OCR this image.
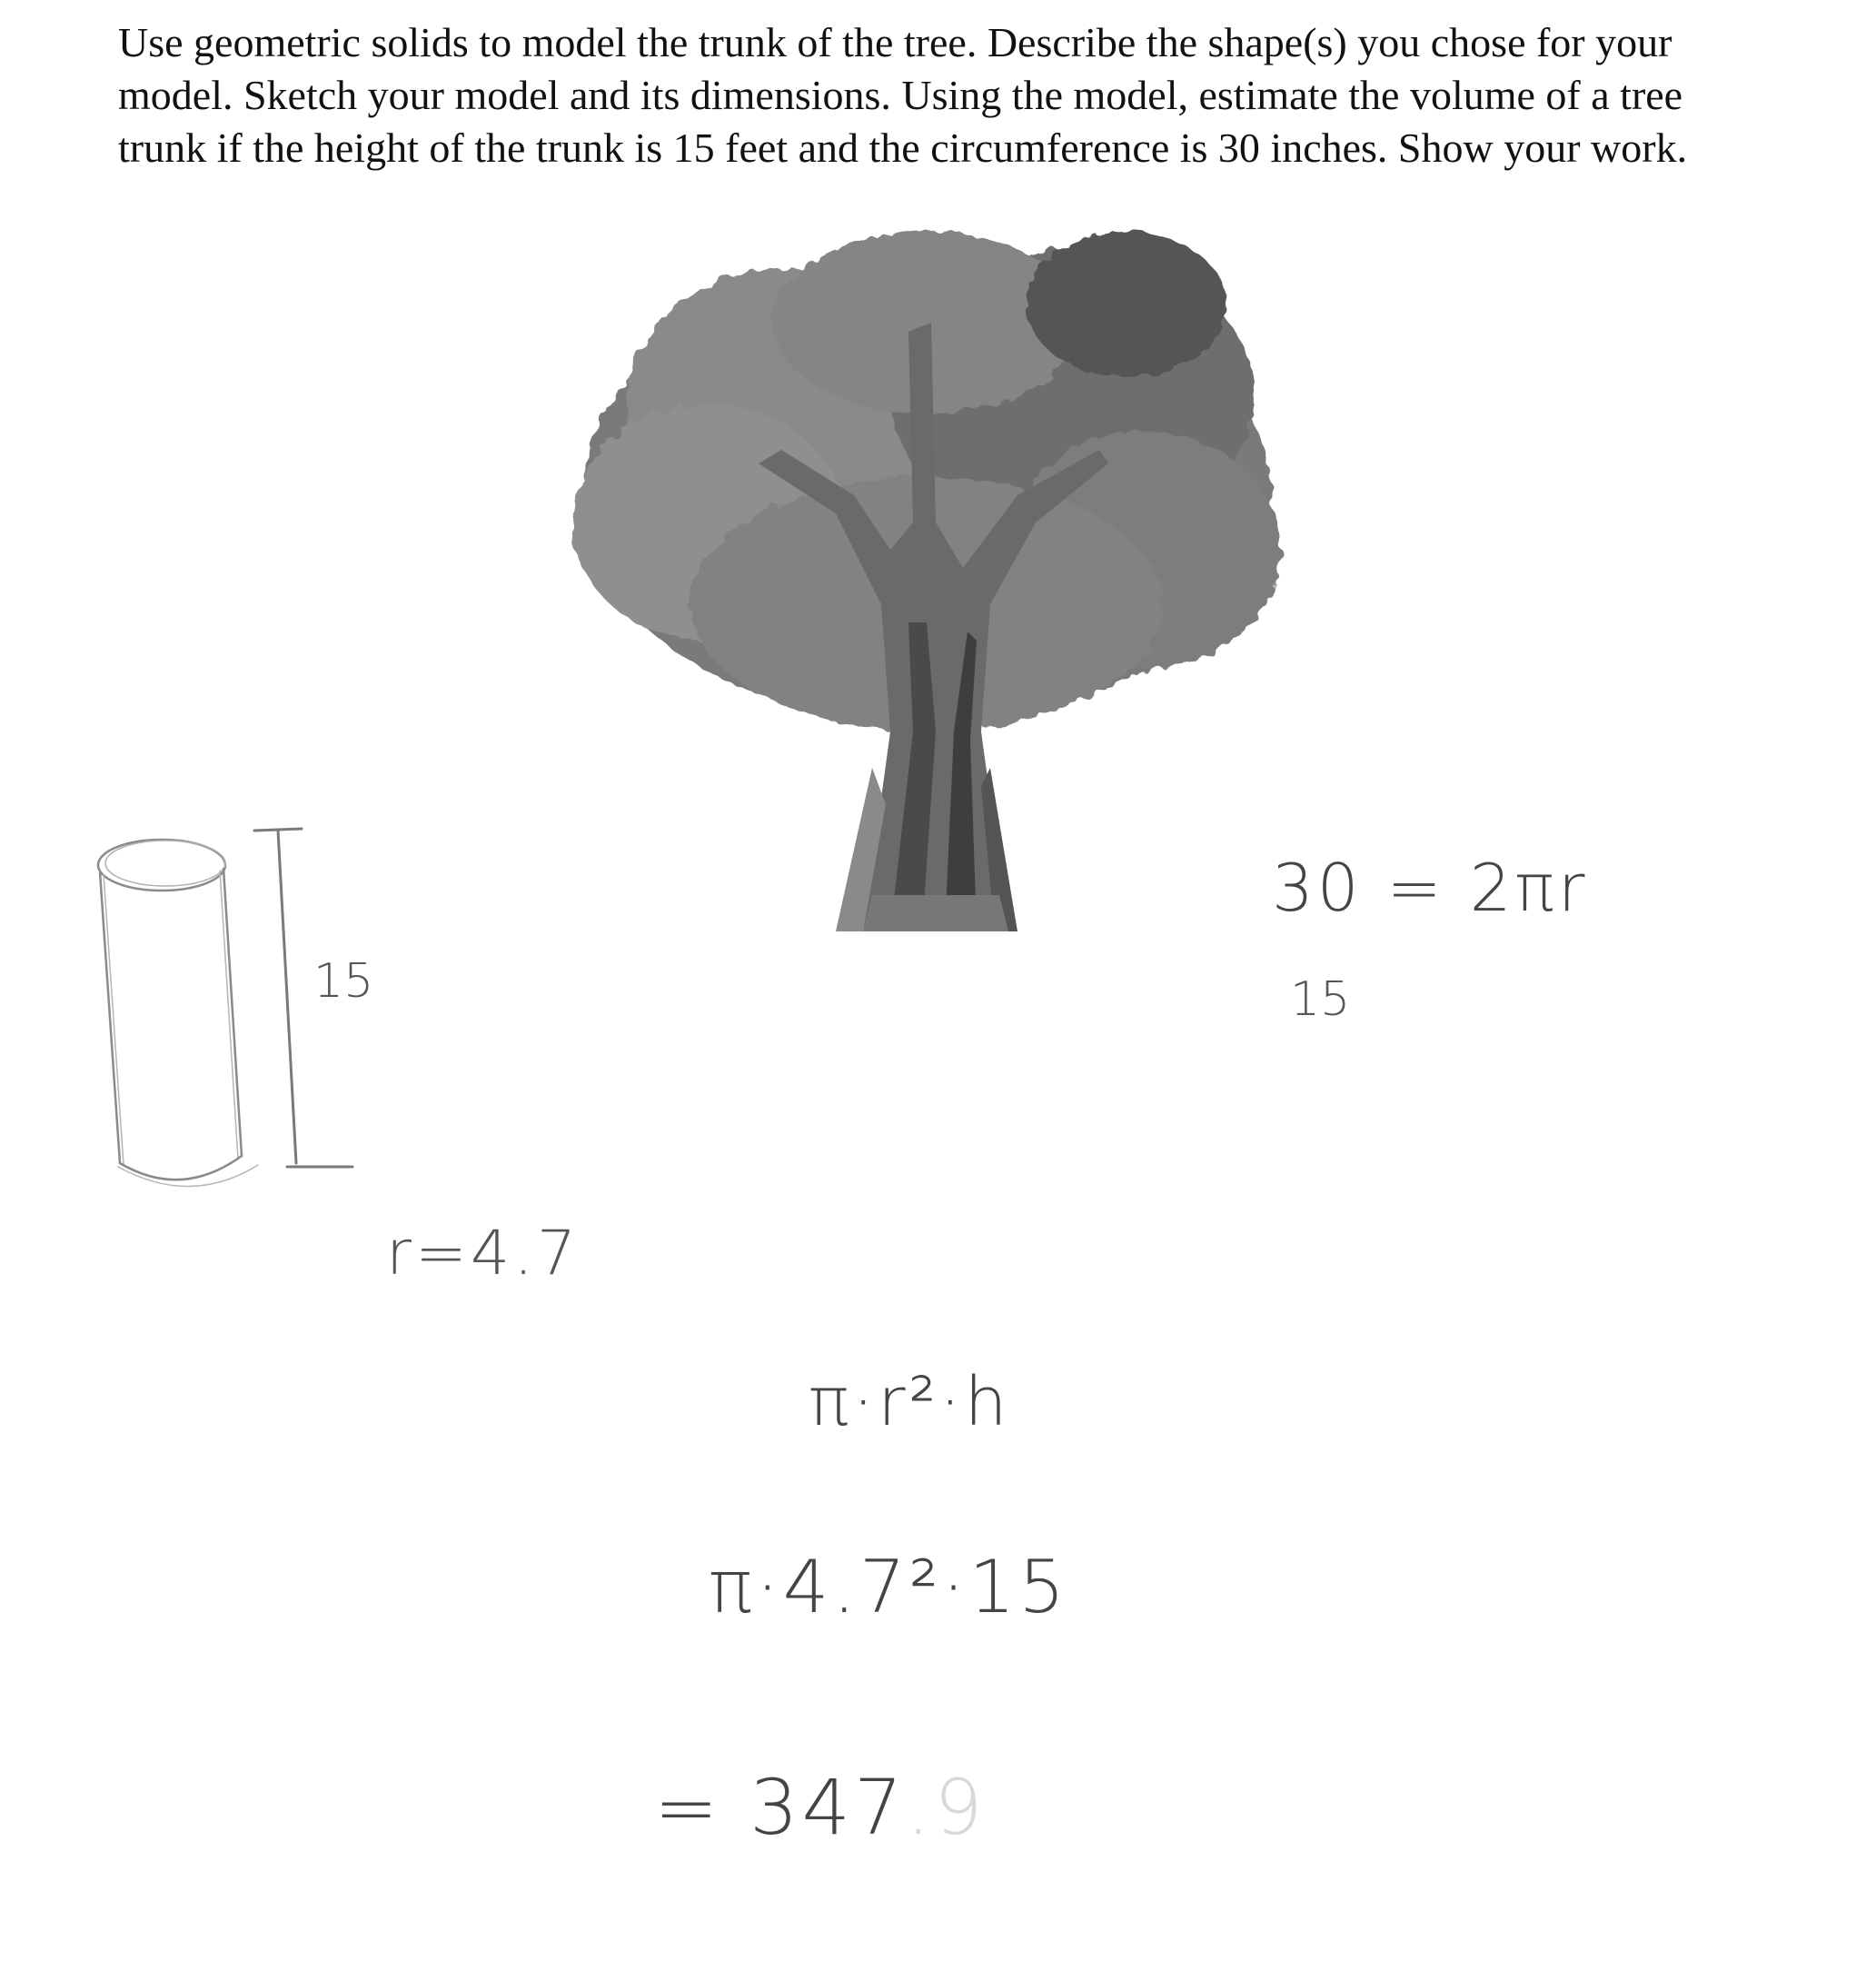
Use geometric solids to model the trunk of the tree. Describe the shape(s) you chose for your
model. Sketch your model and its dimensions. Using the model, estimate the volume of a tree
trunk if the height of the trunk is 15 feet and the circumference is 30 inches. Show your work.
15
30 = 2πr
15
r=4.7
π·r²·h
π·4.7²·15
= 347.9
